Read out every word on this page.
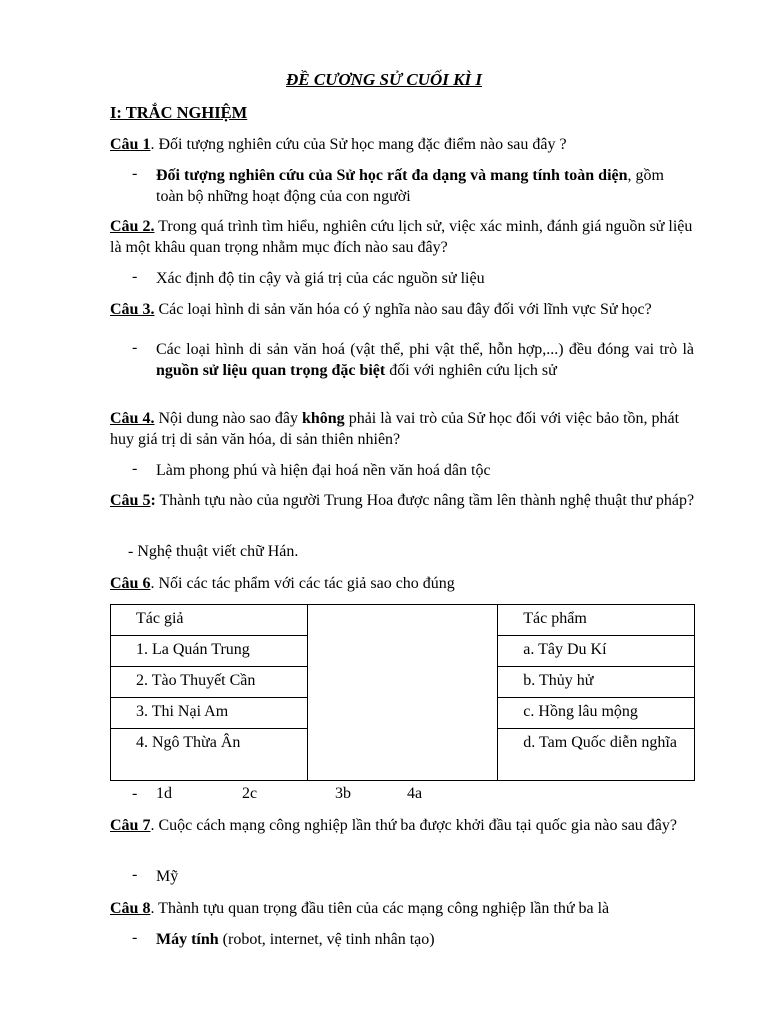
ĐỀ CƯƠNG SỬ CUỐI KÌ I
I: TRẮC NGHIỆM
Câu 1. Đối tượng nghiên cứu của Sử học mang đặc điểm nào sau đây ?
- Đối tượng nghiên cứu của Sử học rất đa dạng và mang tính toàn diện, gồm toàn bộ những hoạt động của con người
Câu 2. Trong quá trình tìm hiểu, nghiên cứu lịch sử, việc xác minh, đánh giá nguồn sử liệu là một khâu quan trọng nhằm mục đích nào sau đây?
- Xác định độ tin cậy và giá trị của các nguồn sử liệu
Câu 3. Các loại hình di sản văn hóa có ý nghĩa nào sau đây đối với lĩnh vực Sử học?
- Các loại hình di sản văn hoá (vật thể, phi vật thể, hỗn hợp,...) đều đóng vai trò là nguồn sử liệu quan trọng đặc biệt đối với nghiên cứu lịch sử
Câu 4. Nội dung nào sao đây không phải là vai trò của Sử học đối với việc bảo tồn, phát huy giá trị di sản văn hóa, di sản thiên nhiên?
- Làm phong phú và hiện đại hoá nền văn hoá dân tộc
Câu 5: Thành tựu nào của người Trung Hoa được nâng tầm lên thành nghệ thuật thư pháp?
- Nghệ thuật viết chữ Hán.
Câu 6. Nối các tác phẩm với các tác giả sao cho đúng
Tác giả		Tác phẩm
1. La Quán Trung		a. Tây Du Kí
2. Tào Thuyết Cần		b. Thủy hử
3. Thi Nại Am		c. Hồng lâu mộng
4. Ngô Thừa Ân		d. Tam Quốc diễn nghĩa
- 1d	2c	3b	4a
Câu 7. Cuộc cách mạng công nghiệp lần thứ ba được khởi đầu tại quốc gia nào sau đây?
- Mỹ
Câu 8. Thành tựu quan trọng đầu tiên của các mạng công nghiệp lần thứ ba là
- Máy tính (robot, internet, vệ tinh nhân tạo)
